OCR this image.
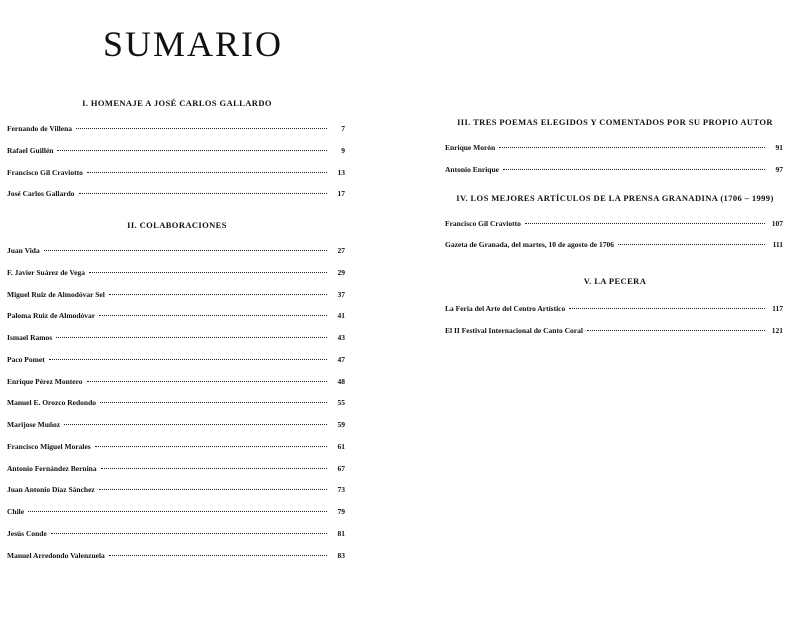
SUMARIO
I. HOMENAJE A JOSÉ CARLOS GALLARDO
Fernando de Villena	7
Rafael Guillén	9
Francisco Gil Craviotto	13
José Carlos Gallardo	17
II. COLABORACIONES
Juan Vida	27
F. Javier Suárez de Vega	29
Miguel Ruiz de Almodóvar Sel	37
Paloma Ruiz de Almodóvar	41
Ismael Ramos	43
Paco Pomet	47
Enrique Pérez Montero	48
Manuel E. Orozco Redondo	55
Marijose Muñoz	59
Francisco Miguel Morales	61
Antonio Fernández Bernina	67
Juan Antonio Díaz Sánchez	73
Chile	79
Jesús Conde	81
Manuel Arredondo Valenzuela	83
III. TRES POEMAS ELEGIDOS Y COMENTADOS POR SU PROPIO AUTOR
Enrique Morón	91
Antonio Enrique	97
IV. LOS MEJORES ARTÍCULOS DE LA PRENSA GRANADINA (1706 – 1999)
Francisco Gil Craviotto	107
Gazeta de Granada, del martes, 10 de agosto de 1706	111
V. LA PECERA
La Feria del Arte del Centro Artístico	117
El II Festival Internacional de Canto Coral	121
